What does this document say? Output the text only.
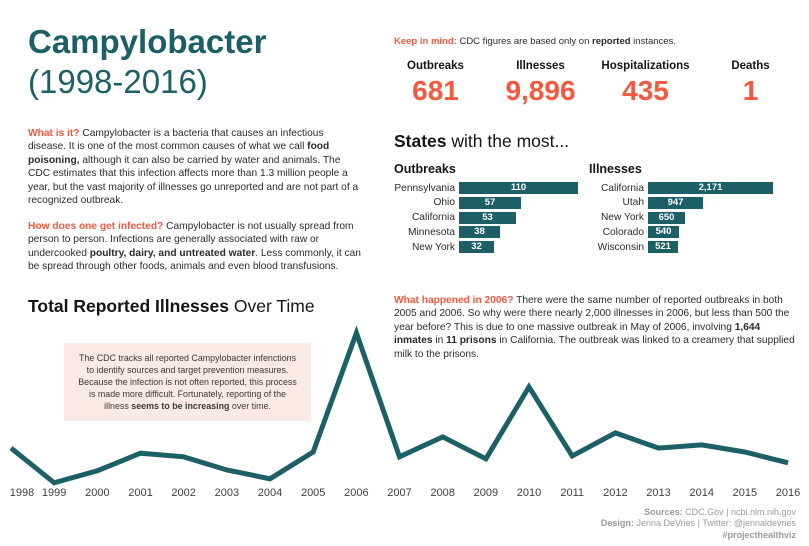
Campylobacter
(1998-2016)
Keep in mind: CDC figures are based only on reported instances.
Outbreaks
681
Illnesses
9,896
Hospitalizations
435
Deaths
1
What is it? Campylobacter is a bacteria that causes an infectious disease. It is one of the most common causes of what we call food poisoning, although it can also be carried by water and animals. The CDC estimates that this infection affects more than 1.3 million people a year, but the vast majority of illnesses go unreported and are not part of a recognized outbreak.
How does one get infected? Campylobacter is not usually spread from person to person. Infections are generally associated with raw or undercooked poultry, dairy, and untreated water. Less commonly, it can be spread through other foods, animals and even blood transfusions.
States with the most...
Outbreaks	Illnesses
Pennsylvania	110
Ohio	57
California	53
Minnesota	38
New York	32
California	2,171
Utah	947
New York	650
Colorado	540
Wisconsin	521
Total Reported Illnesses Over Time
The CDC tracks all reported Campylobacter infenctions to identify sources and target prevention measures. Because the infection is not often reported, this process is made more difficult. Fortunately, reporting of the illness seems to be increasing over time.
What happened in 2006? There were the same number of reported outbreaks in both 2005 and 2006. So why were there nearly 2,000 illnesses in 2006, but less than 500 the year before? This is due to one massive outbreak in May of 2006, involving 1,644 inmates in 11 prisons in California. The outbreak was linked to a creamery that supplied milk to the prisons.
1998 1999 2000 2001 2002 2003 2004 2005 2006 2007 2008 2009 2010 2011 2012 2013 2014 2015 2016
Sources: CDC.Gov | ncbi.nlm.nih.gov
Design: Jenna DeVries | Twitter: @jennaldevries
#projecthealthviz
